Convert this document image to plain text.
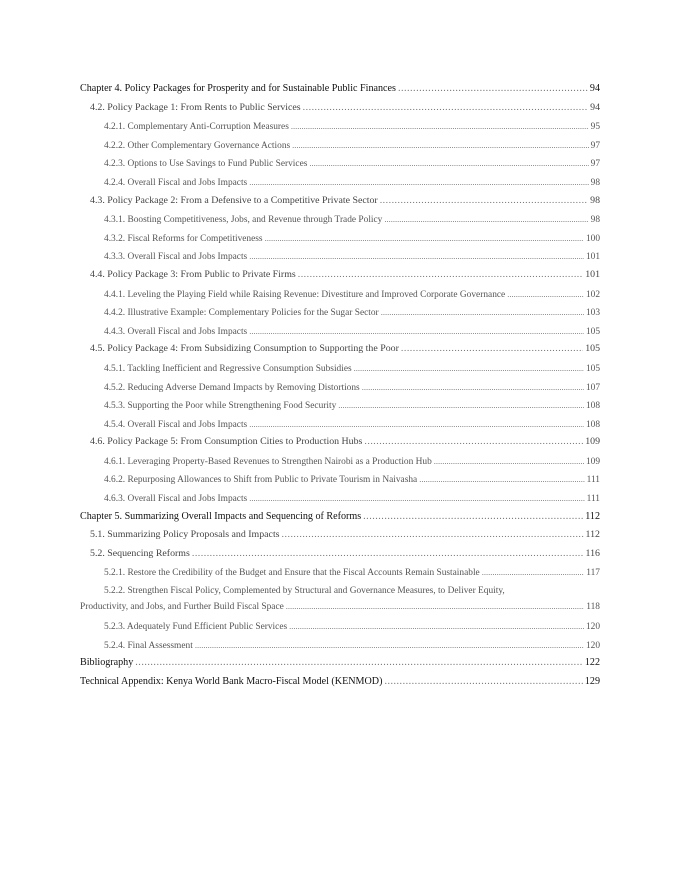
Chapter 4. Policy Packages for Prosperity and for Sustainable Public Finances .....	94
4.2. Policy Package 1: From Rents to Public Services .....	94
4.2.1. Complementary Anti-Corruption Measures .....	95
4.2.2. Other Complementary Governance Actions .....	97
4.2.3. Options to Use Savings to Fund Public Services .....	97
4.2.4. Overall Fiscal and Jobs Impacts .....	98
4.3. Policy Package 2: From a Defensive to a Competitive Private Sector .....	98
4.3.1. Boosting Competitiveness, Jobs, and Revenue through Trade Policy .....	98
4.3.2. Fiscal Reforms for Competitiveness .....	100
4.3.3. Overall Fiscal and Jobs Impacts .....	101
4.4. Policy Package 3: From Public to Private Firms .....	101
4.4.1. Leveling the Playing Field while Raising Revenue: Divestiture and Improved Corporate Governance .....	102
4.4.2. Illustrative Example: Complementary Policies for the Sugar Sector .....	103
4.4.3. Overall Fiscal and Jobs Impacts .....	105
4.5. Policy Package 4: From Subsidizing Consumption to Supporting the Poor .....	105
4.5.1. Tackling Inefficient and Regressive Consumption Subsidies .....	105
4.5.2. Reducing Adverse Demand Impacts by Removing Distortions .....	107
4.5.3. Supporting the Poor while Strengthening Food Security .....	108
4.5.4. Overall Fiscal and Jobs Impacts .....	108
4.6. Policy Package 5: From Consumption Cities to Production Hubs .....	109
4.6.1. Leveraging Property-Based Revenues to Strengthen Nairobi as a Production Hub .....	109
4.6.2. Repurposing Allowances to Shift from Public to Private Tourism in Naivasha .....	111
4.6.3. Overall Fiscal and Jobs Impacts .....	111
Chapter 5. Summarizing Overall Impacts and Sequencing of Reforms .....	112
5.1. Summarizing Policy Proposals and Impacts .....	112
5.2. Sequencing Reforms .....	116
5.2.1. Restore the Credibility of the Budget and Ensure that the Fiscal Accounts Remain Sustainable .....	117
5.2.2. Strengthen Fiscal Policy, Complemented by Structural and Governance Measures, to Deliver Equity,
Productivity, and Jobs, and Further Build Fiscal Space .....	118
5.2.3. Adequately Fund Efficient Public Services .....	120
5.2.4. Final Assessment .....	120
Bibliography .....	122
Technical Appendix: Kenya World Bank Macro-Fiscal Model (KENMOD) .....	129
